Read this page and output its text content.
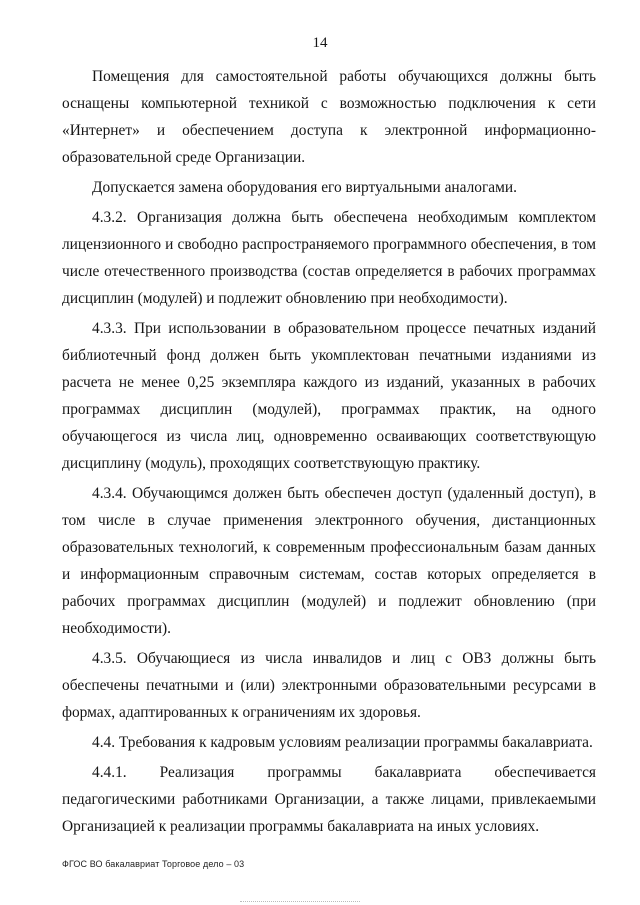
14

Помещения для самостоятельной работы обучающихся должны быть оснащены компьютерной техникой с возможностью подключения к сети «Интернет» и обеспечением доступа к электронной информационно-образовательной среде Организации.

Допускается замена оборудования его виртуальными аналогами.

4.3.2. Организация должна быть обеспечена необходимым комплектом лицензионного и свободно распространяемого программного обеспечения, в том числе отечественного производства (состав определяется в рабочих программах дисциплин (модулей) и подлежит обновлению при необходимости).

4.3.3. При использовании в образовательном процессе печатных изданий библиотечный фонд должен быть укомплектован печатными изданиями из расчета не менее 0,25 экземпляра каждого из изданий, указанных в рабочих программах дисциплин (модулей), программах практик, на одного обучающегося из числа лиц, одновременно осваивающих соответствующую дисциплину (модуль), проходящих соответствующую практику.

4.3.4. Обучающимся должен быть обеспечен доступ (удаленный доступ), в том числе в случае применения электронного обучения, дистанционных образовательных технологий, к современным профессиональным базам данных и информационным справочным системам, состав которых определяется в рабочих программах дисциплин (модулей) и подлежит обновлению (при необходимости).

4.3.5. Обучающиеся из числа инвалидов и лиц с ОВЗ должны быть обеспечены печатными и (или) электронными образовательными ресурсами в формах, адаптированных к ограничениям их здоровья.

4.4. Требования к кадровым условиям реализации программы бакалавриата.

4.4.1. Реализация программы бакалавриата обеспечивается педагогическими работниками Организации, а также лицами, привлекаемыми Организацией к реализации программы бакалавриата на иных условиях.

ФГОС ВО бакалавриат Торговое дело – 03
